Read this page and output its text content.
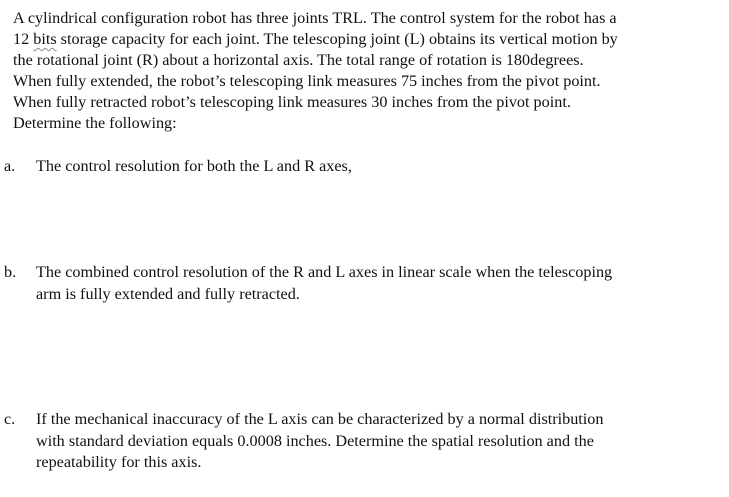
A cylindrical configuration robot has three joints TRL. The control system for the robot has a
12 bits storage capacity for each joint. The telescoping joint (L) obtains its vertical motion by
the rotational joint (R) about a horizontal axis. The total range of rotation is 180degrees.
When fully extended, the robot’s telescoping link measures 75 inches from the pivot point.
When fully retracted robot’s telescoping link measures 30 inches from the pivot point.
Determine the following:
a.	The control resolution for both the L and R axes,
b.	The combined control resolution of the R and L axes in linear scale when the telescoping
arm is fully extended and fully retracted.
c.	If the mechanical inaccuracy of the L axis can be characterized by a normal distribution
with standard deviation equals 0.0008 inches. Determine the spatial resolution and the
repeatability for this axis.
